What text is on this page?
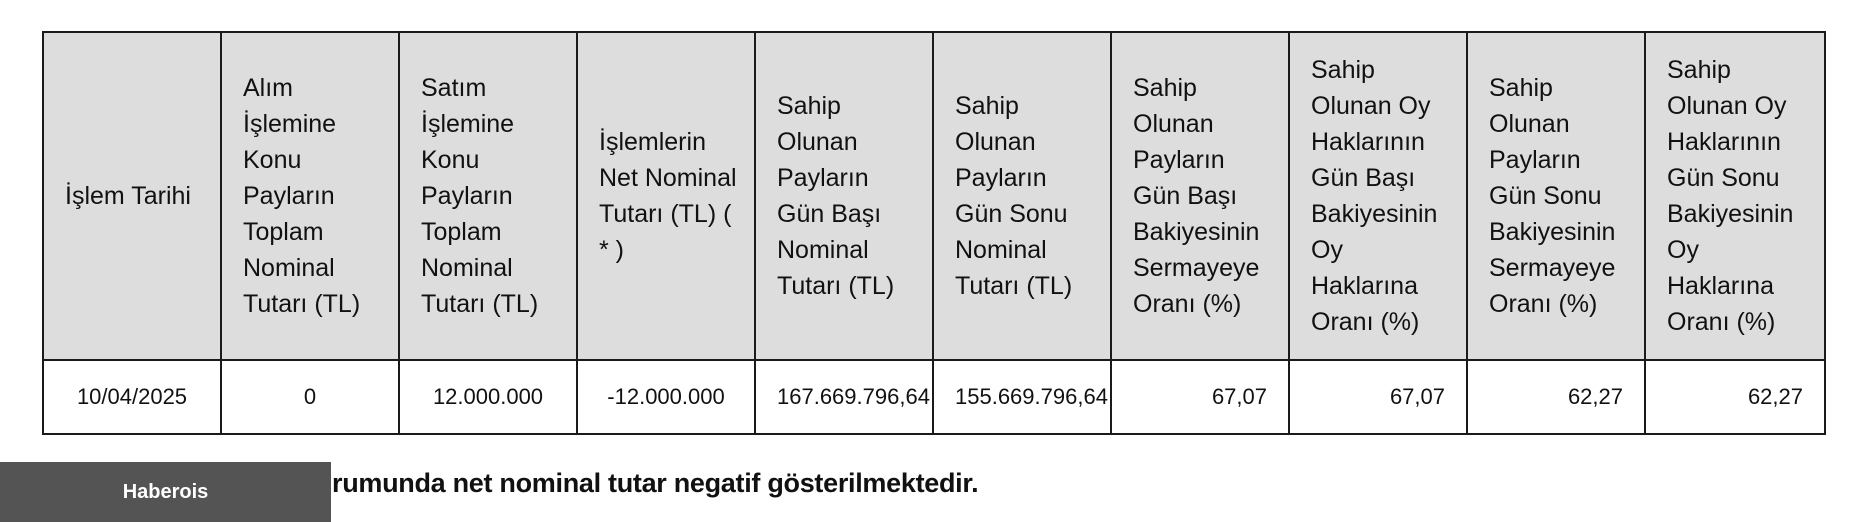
İşlem Tarihi	Alım İşlemine Konu Payların Toplam Nominal Tutarı (TL)	Satım İşlemine Konu Payların Toplam Nominal Tutarı (TL)	İşlemlerin Net Nominal Tutarı (TL) ( * )	Sahip Olunan Payların Gün Başı Nominal Tutarı (TL)	Sahip Olunan Payların Gün Sonu Nominal Tutarı (TL)	Sahip Olunan Payların Gün Başı Bakiyesinin Sermayeye Oranı (%)	Sahip Olunan Oy Haklarının Gün Başı Bakiyesinin Oy Haklarına Oranı (%)	Sahip Olunan Payların Gün Sonu Bakiyesinin Sermayeye Oranı (%)	Sahip Olunan Oy Haklarının Gün Sonu Bakiyesinin Oy Haklarına Oranı (%)
10/04/2025	0	12.000.000	-12.000.000	167.669.796,64	155.669.796,64	67,07	67,07	62,27	62,27
Haberois	rumunda net nominal tutar negatif gösterilmektedir.
